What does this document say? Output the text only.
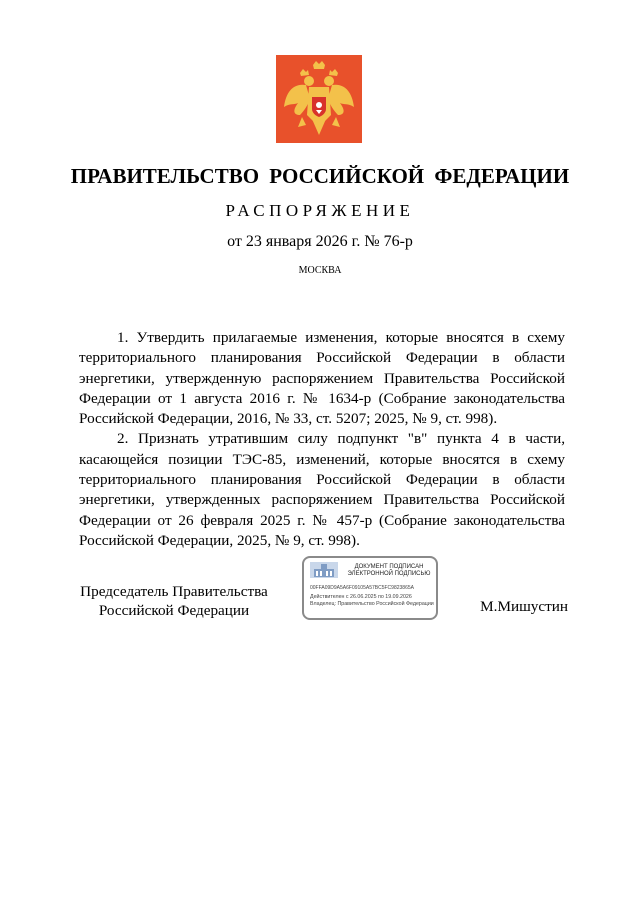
ПРАВИТЕЛЬСТВО РОССИЙСКОЙ ФЕДЕРАЦИИ
РАСПОРЯЖЕНИЕ
от 23 января 2026 г. № 76-р
МОСКВА

1. Утвердить прилагаемые изменения, которые вносятся в схему территориального планирования Российской Федерации в области энергетики, утвержденную распоряжением Правительства Российской Федерации от 1 августа 2016 г. № 1634-р (Собрание законодательства Российской Федерации, 2016, № 33, ст. 5207; 2025, № 9, ст. 998).

2. Признать утратившим силу подпункт "в" пункта 4 в части, касающейся позиции ТЭС-85, изменений, которые вносятся в схему территориального планирования Российской Федерации в области энергетики, утвержденных распоряжением Правительства Российской Федерации от 26 февраля 2025 г. № 457-р (Собрание законодательства Российской Федерации, 2025, № 9, ст. 998).

Председатель Правительства
Российской Федерации
ДОКУМЕНТ ПОДПИСАН
ЭЛЕКТРОННОЙ ПОДПИСЬЮ
00FFA09D9A5A6F09105A57BC5FC9823865A
Действителен с 26.06.2025 по 19.09.2026
Владелец: Правительство Российской Федерации	М.Мишустин
